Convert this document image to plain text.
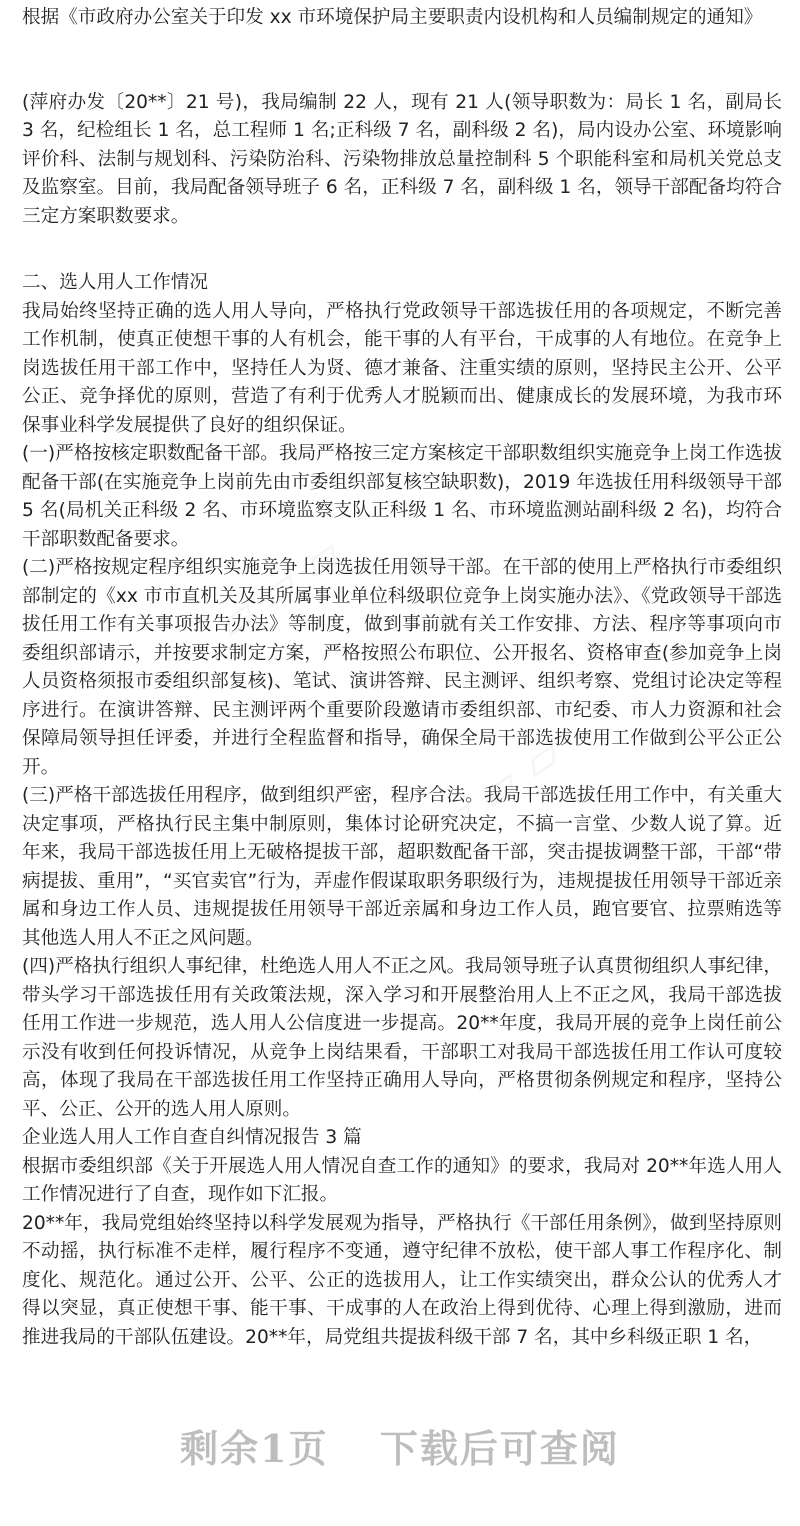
根据《市政府办公室关于印发 xx 市环境保护局主要职责内设机构和人员编制规定的通知》

(萍府办发〔20**〕21 号)，我局编制 22 人，现有 21 人(领导职数为：局长 1 名，副局长 3 名，纪检组长 1 名，总工程师 1 名;正科级 7 名，副科级 2 名)，局内设办公室、环境影响评价科、法制与规划科、污染防治科、污染物排放总量控制科 5 个职能科室和局机关党总支及监察室。目前，我局配备领导班子 6 名，正科级 7 名，副科级 1 名，领导干部配备均符合三定方案职数要求。

二、选人用人工作情况

我局始终坚持正确的选人用人导向，严格执行党政领导干部选拔任用的各项规定，不断完善工作机制，使真正使想干事的人有机会，能干事的人有平台，干成事的人有地位。在竞争上岗选拔任用干部工作中，坚持任人为贤、德才兼备、注重实绩的原则，坚持民主公开、公平公正、竞争择优的原则，营造了有利于优秀人才脱颖而出、健康成长的发展环境，为我市环保事业科学发展提供了良好的组织保证。

(一)严格按核定职数配备干部。我局严格按三定方案核定干部职数组织实施竞争上岗工作选拔配备干部(在实施竞争上岗前先由市委组织部复核空缺职数)，2019 年选拔任用科级领导干部 5 名(局机关正科级 2 名、市环境监察支队正科级 1 名、市环境监测站副科级 2 名)，均符合干部职数配备要求。

(二)严格按规定程序组织实施竞争上岗选拔任用领导干部。在干部的使用上严格执行市委组织部制定的《xx 市市直机关及其所属事业单位科级职位竞争上岗实施办法》、《党政领导干部选拔任用工作有关事项报告办法》等制度，做到事前就有关工作安排、方法、程序等事项向市委组织部请示，并按要求制定方案，严格按照公布职位、公开报名、资格审查(参加竞争上岗人员资格须报市委组织部复核)、笔试、演讲答辩、民主测评、组织考察、党组讨论决定等程序进行。在演讲答辩、民主测评两个重要阶段邀请市委组织部、市纪委、市人力资源和社会保障局领导担任评委，并进行全程监督和指导，确保全局干部选拔使用工作做到公平公正公开。

(三)严格干部选拔任用程序，做到组织严密，程序合法。我局干部选拔任用工作中，有关重大决定事项，严格执行民主集中制原则，集体讨论研究决定，不搞一言堂、少数人说了算。近年来，我局干部选拔任用上无破格提拔干部，超职数配备干部，突击提拔调整干部，干部“带病提拔、重用”，“买官卖官”行为，弄虚作假谋取职务职级行为，违规提拔任用领导干部近亲属和身边工作人员、违规提拔任用领导干部近亲属和身边工作人员，跑官要官、拉票贿选等其他选人用人不正之风问题。

(四)严格执行组织人事纪律，杜绝选人用人不正之风。我局领导班子认真贯彻组织人事纪律，带头学习干部选拔任用有关政策法规，深入学习和开展整治用人上不正之风，我局干部选拔任用工作进一步规范，选人用人公信度进一步提高。20**年度，我局开展的竞争上岗任前公示没有收到任何投诉情况，从竞争上岗结果看，干部职工对我局干部选拔任用工作认可度较高，体现了我局在干部选拔任用工作坚持正确用人导向，严格贯彻条例规定和程序，坚持公平、公正、公开的选人用人原则。

企业选人用人工作自查自纠情况报告 3 篇

根据市委组织部《关于开展选人用人情况自查工作的通知》的要求，我局对 20**年选人用人工作情况进行了自查，现作如下汇报。

20**年，我局党组始终坚持以科学发展观为指导，严格执行《干部任用条例》，做到坚持原则不动摇，执行标准不走样，履行程序不变通，遵守纪律不放松，使干部人事工作程序化、制度化、规范化。通过公开、公平、公正的选拔用人，让工作实绩突出，群众公认的优秀人才得以突显，真正使想干事、能干事、干成事的人在政治上得到优待、心理上得到激励，进而推进我局的干部队伍建设。20**年，局党组共提拔科级干部 7 名，其中乡科级正职 1 名，

▱ ▱ ▱
▱ ▱ ▱
剩余1页 下载后可查阅
